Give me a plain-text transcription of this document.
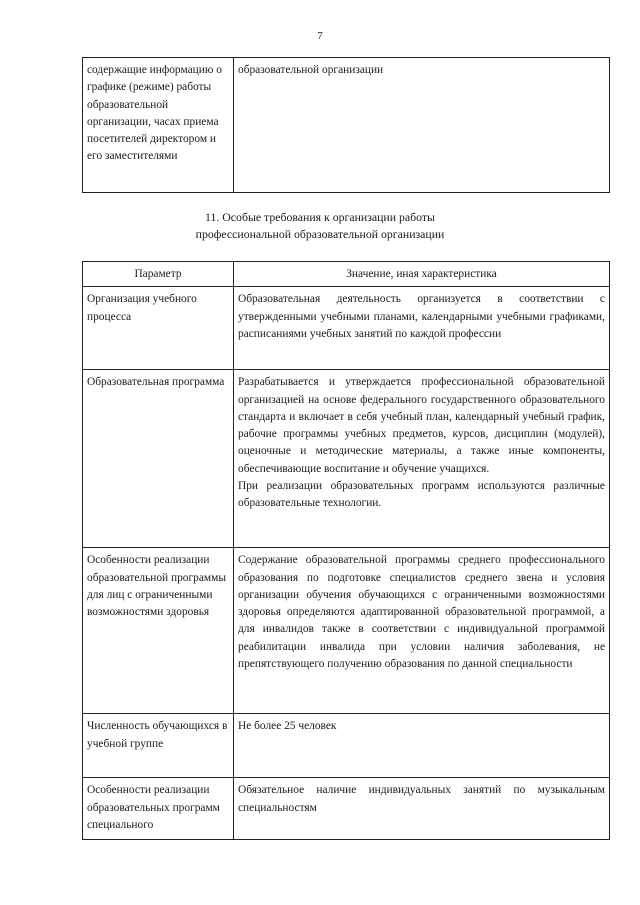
7
содержащие информацию о графике (режиме) работы образовательной организации, часах приема посетителей директором и его заместителями	образовательной организации
11. Особые требования к организации работы
профессиональной образовательной организации
Параметр	Значение, иная характеристика
Организация учебного процесса	Образовательная деятельность организуется в соответствии с утвержденными учебными планами, календарными учебными графиками, расписаниями учебных занятий по каждой профессии

Образовательная программа	Разрабатывается и утверждается профессиональной образовательной организацией на основе федерального государственного образовательного стандарта и включает в себя учебный план, календарный учебный график, рабочие программы учебных предметов, курсов, дисциплин (модулей), оценочные и методические материалы, а также иные компоненты, обеспечивающие воспитание и обучение учащихся.
При реализации образовательных программ используются различные образовательные технологии.

Особенности реализации образовательной программы для лиц с ограниченными возможностями здоровья	Содержание образовательной программы среднего профессионального образования по подготовке специалистов среднего звена и условия организации обучения обучающихся с ограниченными возможностями здоровья определяются адаптированной образовательной программой, а для инвалидов также в соответствии с индивидуальной программой реабилитации инвалида при условии наличия заболевания, не препятствующего получению образования по данной специальности

Численность обучающихся в учебной группе	Не более 25 человек

Особенности реализации образовательных программ специального	Обязательное наличие индивидуальных занятий по музыкальным специальностям
